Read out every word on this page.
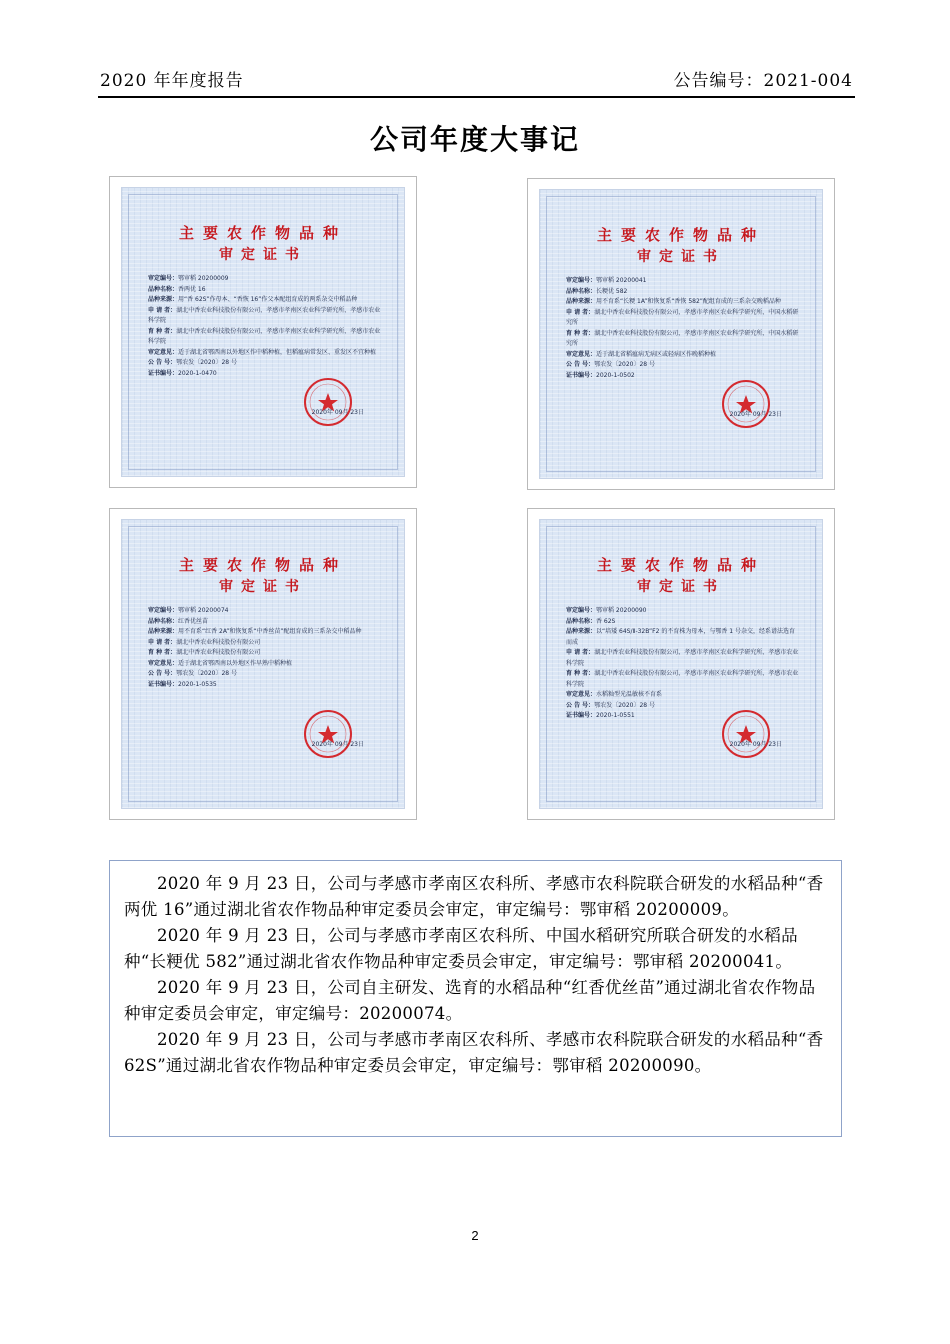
2020 年年度报告	公告编号：2021-004
公司年度大事记
主要农作物品种
审定证书
审定编号：鄂审稻 20200009
品种名称：香两优 16
品种来源：用“香 62S”作母本、“香恢 16”作父本配组育成的两系杂交中稻品种
申 请 者：湖北中香农业科技股份有限公司、孝感市孝南区农业科学研究所、孝感市农业科学院
育 种 者：湖北中香农业科技股份有限公司、孝感市孝南区农业科学研究所、孝感市农业科学院
审定意见：适于湖北省鄂西南以外地区作中稻种植，但稻瘟病常发区、重发区不宜种植
公 告 号：鄂农发〔2020〕28 号
证书编号：2020-1-0470
2020年 09月 23日
主要农作物品种
审定证书
审定编号：鄂审稻 20200041
品种名称：长粳优 582
品种来源：用不育系“长粳 1A”和恢复系“香恢 582”配组育成的三系杂交晚稻品种
申 请 者：湖北中香农业科技股份有限公司、孝感市孝南区农业科学研究所、中国水稻研究所
育 种 者：湖北中香农业科技股份有限公司、孝感市孝南区农业科学研究所、中国水稻研究所
审定意见：适于湖北省稻瘟病无病区或轻病区作晚稻种植
公 告 号：鄂农发〔2020〕28 号
证书编号：2020-1-0502
2020年 09月 23日
主要农作物品种
审定证书
审定编号：鄂审稻 20200074
品种名称：红香优丝苗
品种来源：用不育系“红香 2A”和恢复系“中香丝苗”配组育成的三系杂交中稻品种
申 请 者：湖北中香农业科技股份有限公司
育 种 者：湖北中香农业科技股份有限公司
审定意见：适于湖北省鄂西南以外地区作早熟中稻种植
公 告 号：鄂农发〔2020〕28 号
证书编号：2020-1-0535
2020年 09月 23日
主要农作物品种
审定证书
审定编号：鄂审稻 20200090
品种名称：香 62S
品种来源：以“培矮 64S/Ⅱ-32B”F2 的不育株为母本，与鄂香 1 号杂交，经系谱法选育而成
申 请 者：湖北中香农业科技股份有限公司、孝感市孝南区农业科学研究所、孝感市农业科学院
育 种 者：湖北中香农业科技股份有限公司、孝感市孝南区农业科学研究所、孝感市农业科学院
审定意见：水稻籼型光温敏核不育系
公 告 号：鄂农发〔2020〕28 号
证书编号：2020-1-0551
2020年 09月 23日

2020 年 9 月 23 日，公司与孝感市孝南区农科所、孝感市农科院联合研发的水稻品种“香两优 16”通过湖北省农作物品种审定委员会审定，审定编号：鄂审稻 20200009。

2020 年 9 月 23 日，公司与孝感市孝南区农科所、中国水稻研究所联合研发的水稻品种“长粳优 582”通过湖北省农作物品种审定委员会审定，审定编号：鄂审稻 20200041。

2020 年 9 月 23 日，公司自主研发、选育的水稻品种“红香优丝苗”通过湖北省农作物品种审定委员会审定，审定编号：20200074。

2020 年 9 月 23 日，公司与孝感市孝南区农科所、孝感市农科院联合研发的水稻品种“香 62S”通过湖北省农作物品种审定委员会审定，审定编号：鄂审稻 20200090。

2
